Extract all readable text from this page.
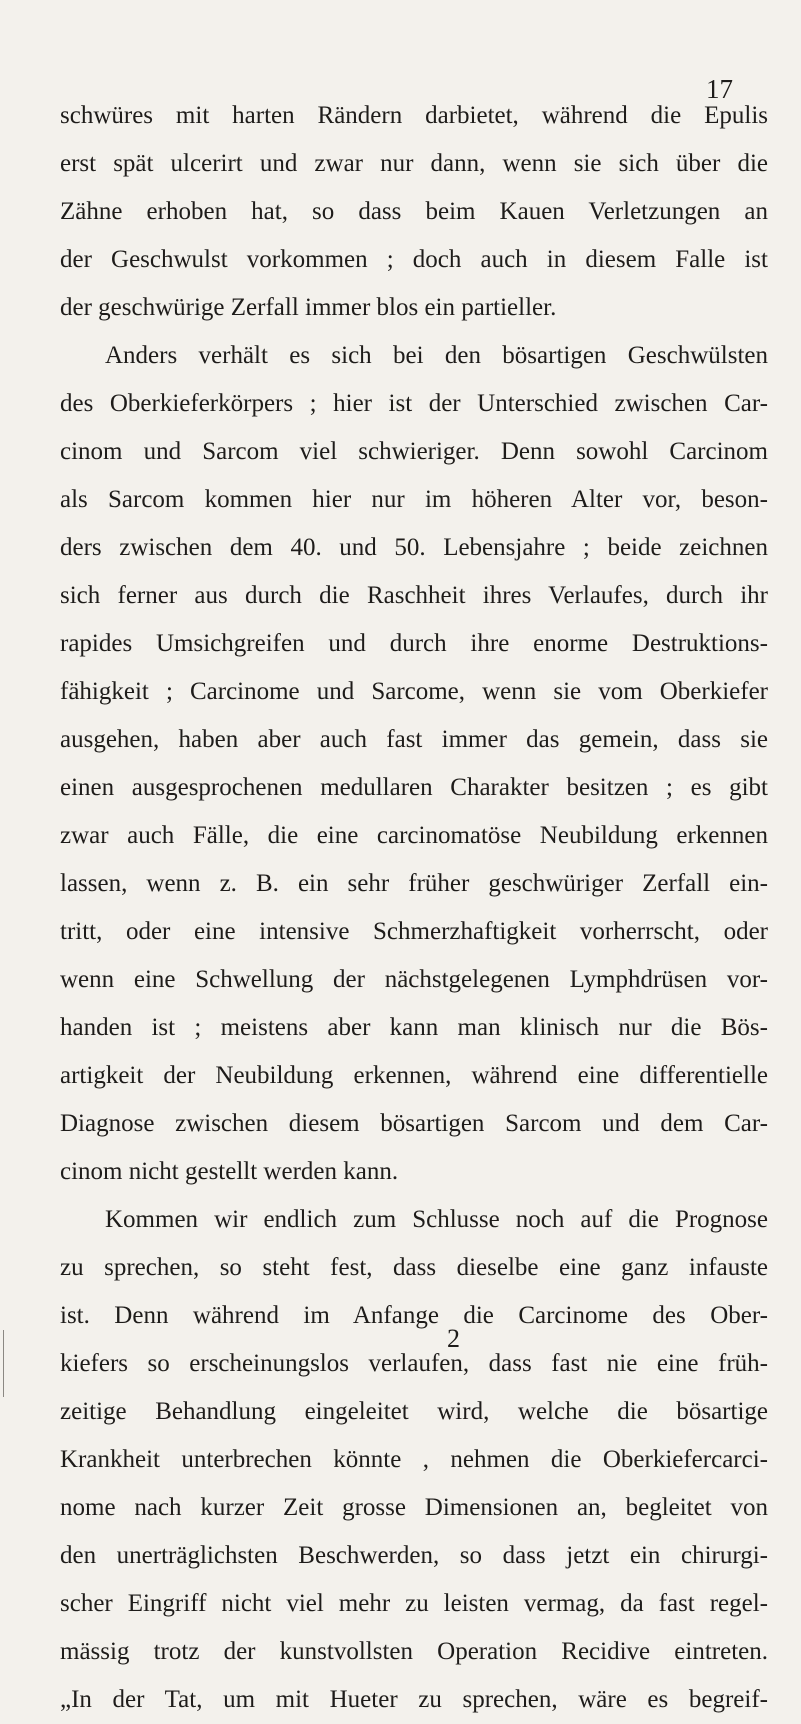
17
schwüres mit harten Rändern darbietet, während die Epulis
erst spät ulcerirt und zwar nur dann, wenn sie sich über die
Zähne erhoben hat, so dass beim Kauen Verletzungen an
der Geschwulst vorkommen ; doch auch in diesem Falle ist
der geschwürige Zerfall immer blos ein partieller.
Anders verhält es sich bei den bösartigen Geschwülsten
des Oberkieferkörpers ; hier ist der Unterschied zwischen Car-
cinom und Sarcom viel schwieriger. Denn sowohl Carcinom
als Sarcom kommen hier nur im höheren Alter vor, beson-
ders zwischen dem 40. und 50. Lebensjahre ; beide zeichnen
sich ferner aus durch die Raschheit ihres Verlaufes, durch ihr
rapides Umsichgreifen und durch ihre enorme Destruktions-
fähigkeit ; Carcinome und Sarcome, wenn sie vom Oberkiefer
ausgehen, haben aber auch fast immer das gemein, dass sie
einen ausgesprochenen medullaren Charakter besitzen ; es gibt
zwar auch Fälle, die eine carcinomatöse Neubildung erkennen
lassen, wenn z. B. ein sehr früher geschwüriger Zerfall ein-
tritt, oder eine intensive Schmerzhaftigkeit vorherrscht, oder
wenn eine Schwellung der nächstgelegenen Lymphdrüsen vor-
handen ist ; meistens aber kann man klinisch nur die Bös-
artigkeit der Neubildung erkennen, während eine differentielle
Diagnose zwischen diesem bösartigen Sarcom und dem Car-
cinom nicht gestellt werden kann.
Kommen wir endlich zum Schlusse noch auf die Prognose
zu sprechen, so steht fest, dass dieselbe eine ganz infauste
ist. Denn während im Anfange die Carcinome des Ober-
kiefers so erscheinungslos verlaufen, dass fast nie eine früh-
zeitige Behandlung eingeleitet wird, welche die bösartige
Krankheit unterbrechen könnte , nehmen die Oberkiefercarci-
nome nach kurzer Zeit grosse Dimensionen an, begleitet von
den unerträglichsten Beschwerden, so dass jetzt ein chirurgi-
scher Eingriff nicht viel mehr zu leisten vermag, da fast regel-
mässig trotz der kunstvollsten Operation Recidive eintreten.
„In der Tat, um mit Hueter zu sprechen, wäre es begreif-
2
